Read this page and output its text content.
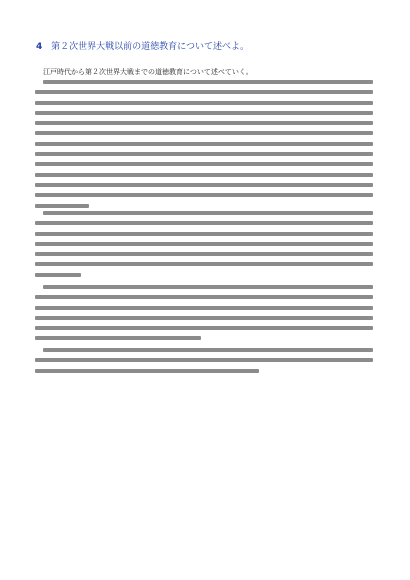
4 第２次世界大戦以前の道徳教育について述べよ。
江戸時代から第２次世界大戦までの道徳教育について述べていく。
